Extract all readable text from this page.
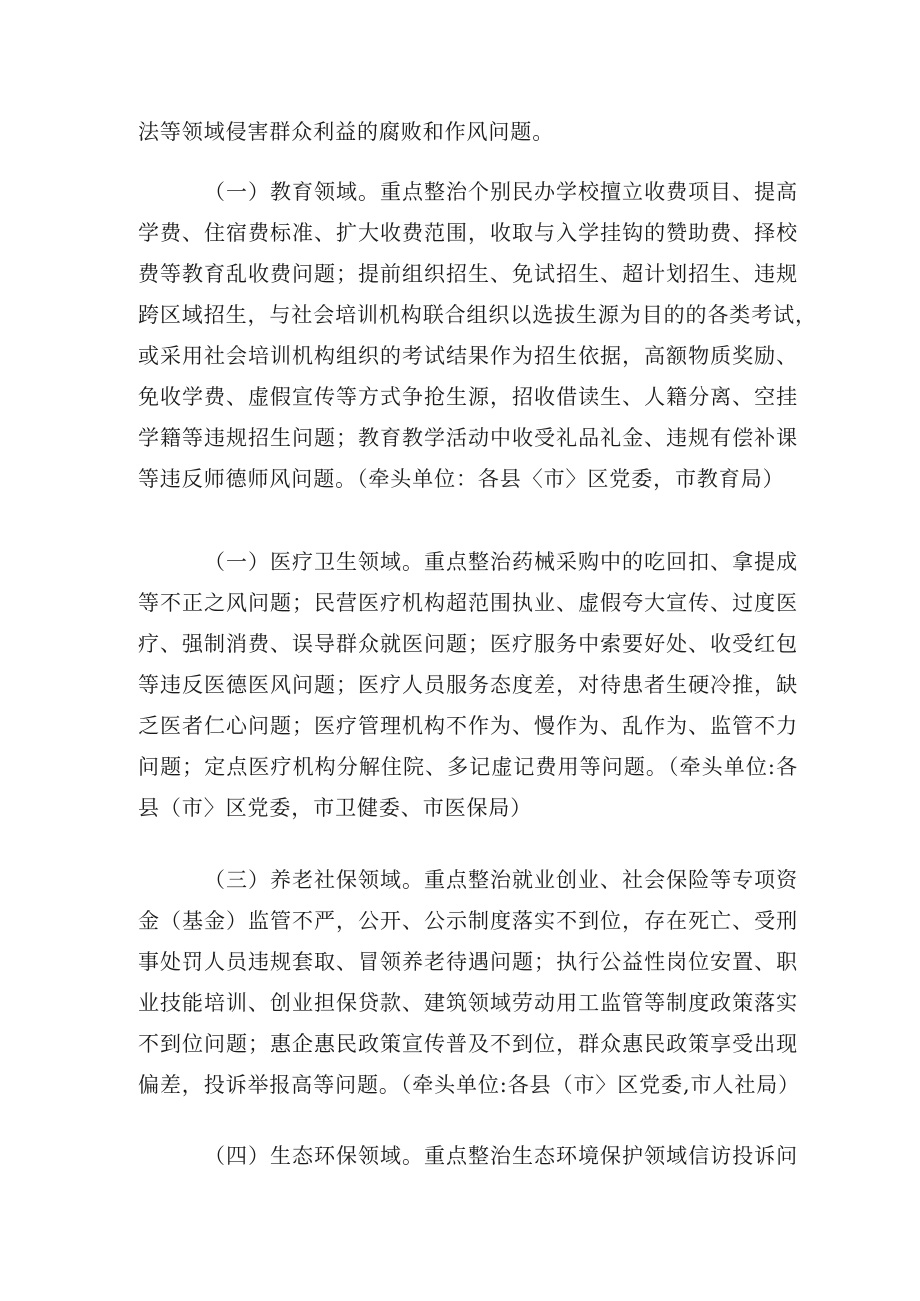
法等领域侵害群众利益的腐败和作风问题。
（一）教育领域。重点整治个别民办学校擅立收费项目、提高
学费、住宿费标准、扩大收费范围，收取与入学挂钩的赞助费、择校
费等教育乱收费问题；提前组织招生、免试招生、超计划招生、违规
跨区域招生，与社会培训机构联合组织以选拔生源为目的的各类考试，
或采用社会培训机构组织的考试结果作为招生依据，高额物质奖励、
免收学费、虚假宣传等方式争抢生源，招收借读生、人籍分离、空挂
学籍等违规招生问题；教育教学活动中收受礼品礼金、违规有偿补课
等违反师德师风问题。（牵头单位：各县〈市〉区党委，市教育局）
（一）医疗卫生领域。重点整治药械采购中的吃回扣、拿提成
等不正之风问题；民营医疗机构超范围执业、虚假夸大宣传、过度医
疗、强制消费、误导群众就医问题；医疗服务中索要好处、收受红包
等违反医德医风问题；医疗人员服务态度差，对待患者生硬冷推，缺
乏医者仁心问题；医疗管理机构不作为、慢作为、乱作为、监管不力
问题；定点医疗机构分解住院、多记虚记费用等问题。（牵头单位:各
县（市〉区党委，市卫健委、市医保局）
（三）养老社保领域。重点整治就业创业、社会保险等专项资
金（基金）监管不严，公开、公示制度落实不到位，存在死亡、受刑
事处罚人员违规套取、冒领养老待遇问题；执行公益性岗位安置、职
业技能培训、创业担保贷款、建筑领域劳动用工监管等制度政策落实
不到位问题；惠企惠民政策宣传普及不到位，群众惠民政策享受出现
偏差，投诉举报高等问题。（牵头单位:各县（市〉区党委,市人社局）
（四）生态环保领域。重点整治生态环境保护领域信访投诉问
